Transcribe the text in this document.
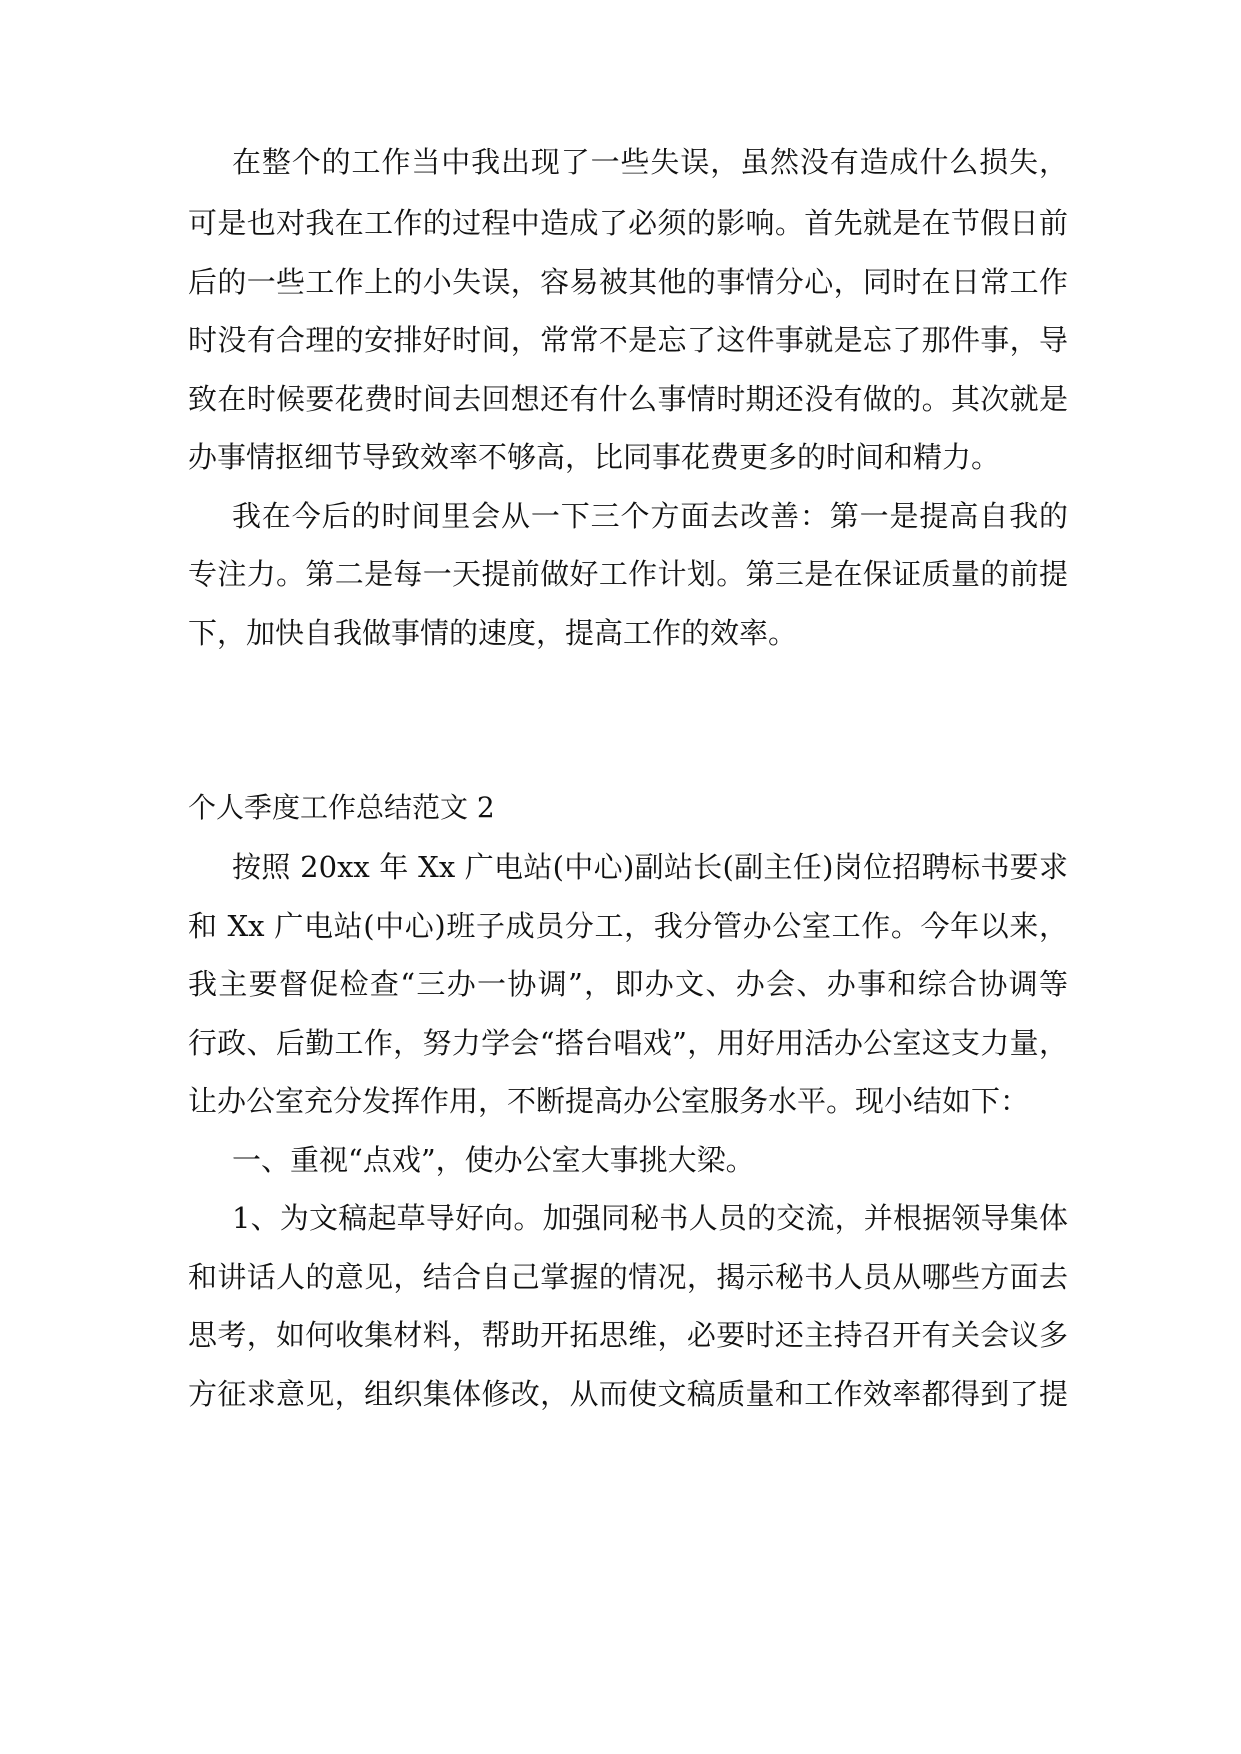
在整个的工作当中我出现了一些失误，虽然没有造成什么损失，
可是也对我在工作的过程中造成了必须的影响。首先就是在节假日前
后的一些工作上的小失误，容易被其他的事情分心，同时在日常工作
时没有合理的安排好时间，常常不是忘了这件事就是忘了那件事，导
致在时候要花费时间去回想还有什么事情时期还没有做的。其次就是
办事情抠细节导致效率不够高，比同事花费更多的时间和精力。
我在今后的时间里会从一下三个方面去改善：第一是提高自我的
专注力。第二是每一天提前做好工作计划。第三是在保证质量的前提
下，加快自我做事情的速度，提高工作的效率。
个人季度工作总结范文 2
按照 20xx 年 Xx 广电站(中心)副站长(副主任)岗位招聘标书要求
和 Xx 广电站(中心)班子成员分工，我分管办公室工作。今年以来，
我主要督促检查“三办一协调”，即办文、办会、办事和综合协调等
行政、后勤工作，努力学会“搭台唱戏”，用好用活办公室这支力量，
让办公室充分发挥作用，不断提高办公室服务水平。现小结如下：
一、重视“点戏”，使办公室大事挑大梁。
1、为文稿起草导好向。加强同秘书人员的交流，并根据领导集体
和讲话人的意见，结合自己掌握的情况，揭示秘书人员从哪些方面去
思考，如何收集材料，帮助开拓思维，必要时还主持召开有关会议多
方征求意见，组织集体修改，从而使文稿质量和工作效率都得到了提
